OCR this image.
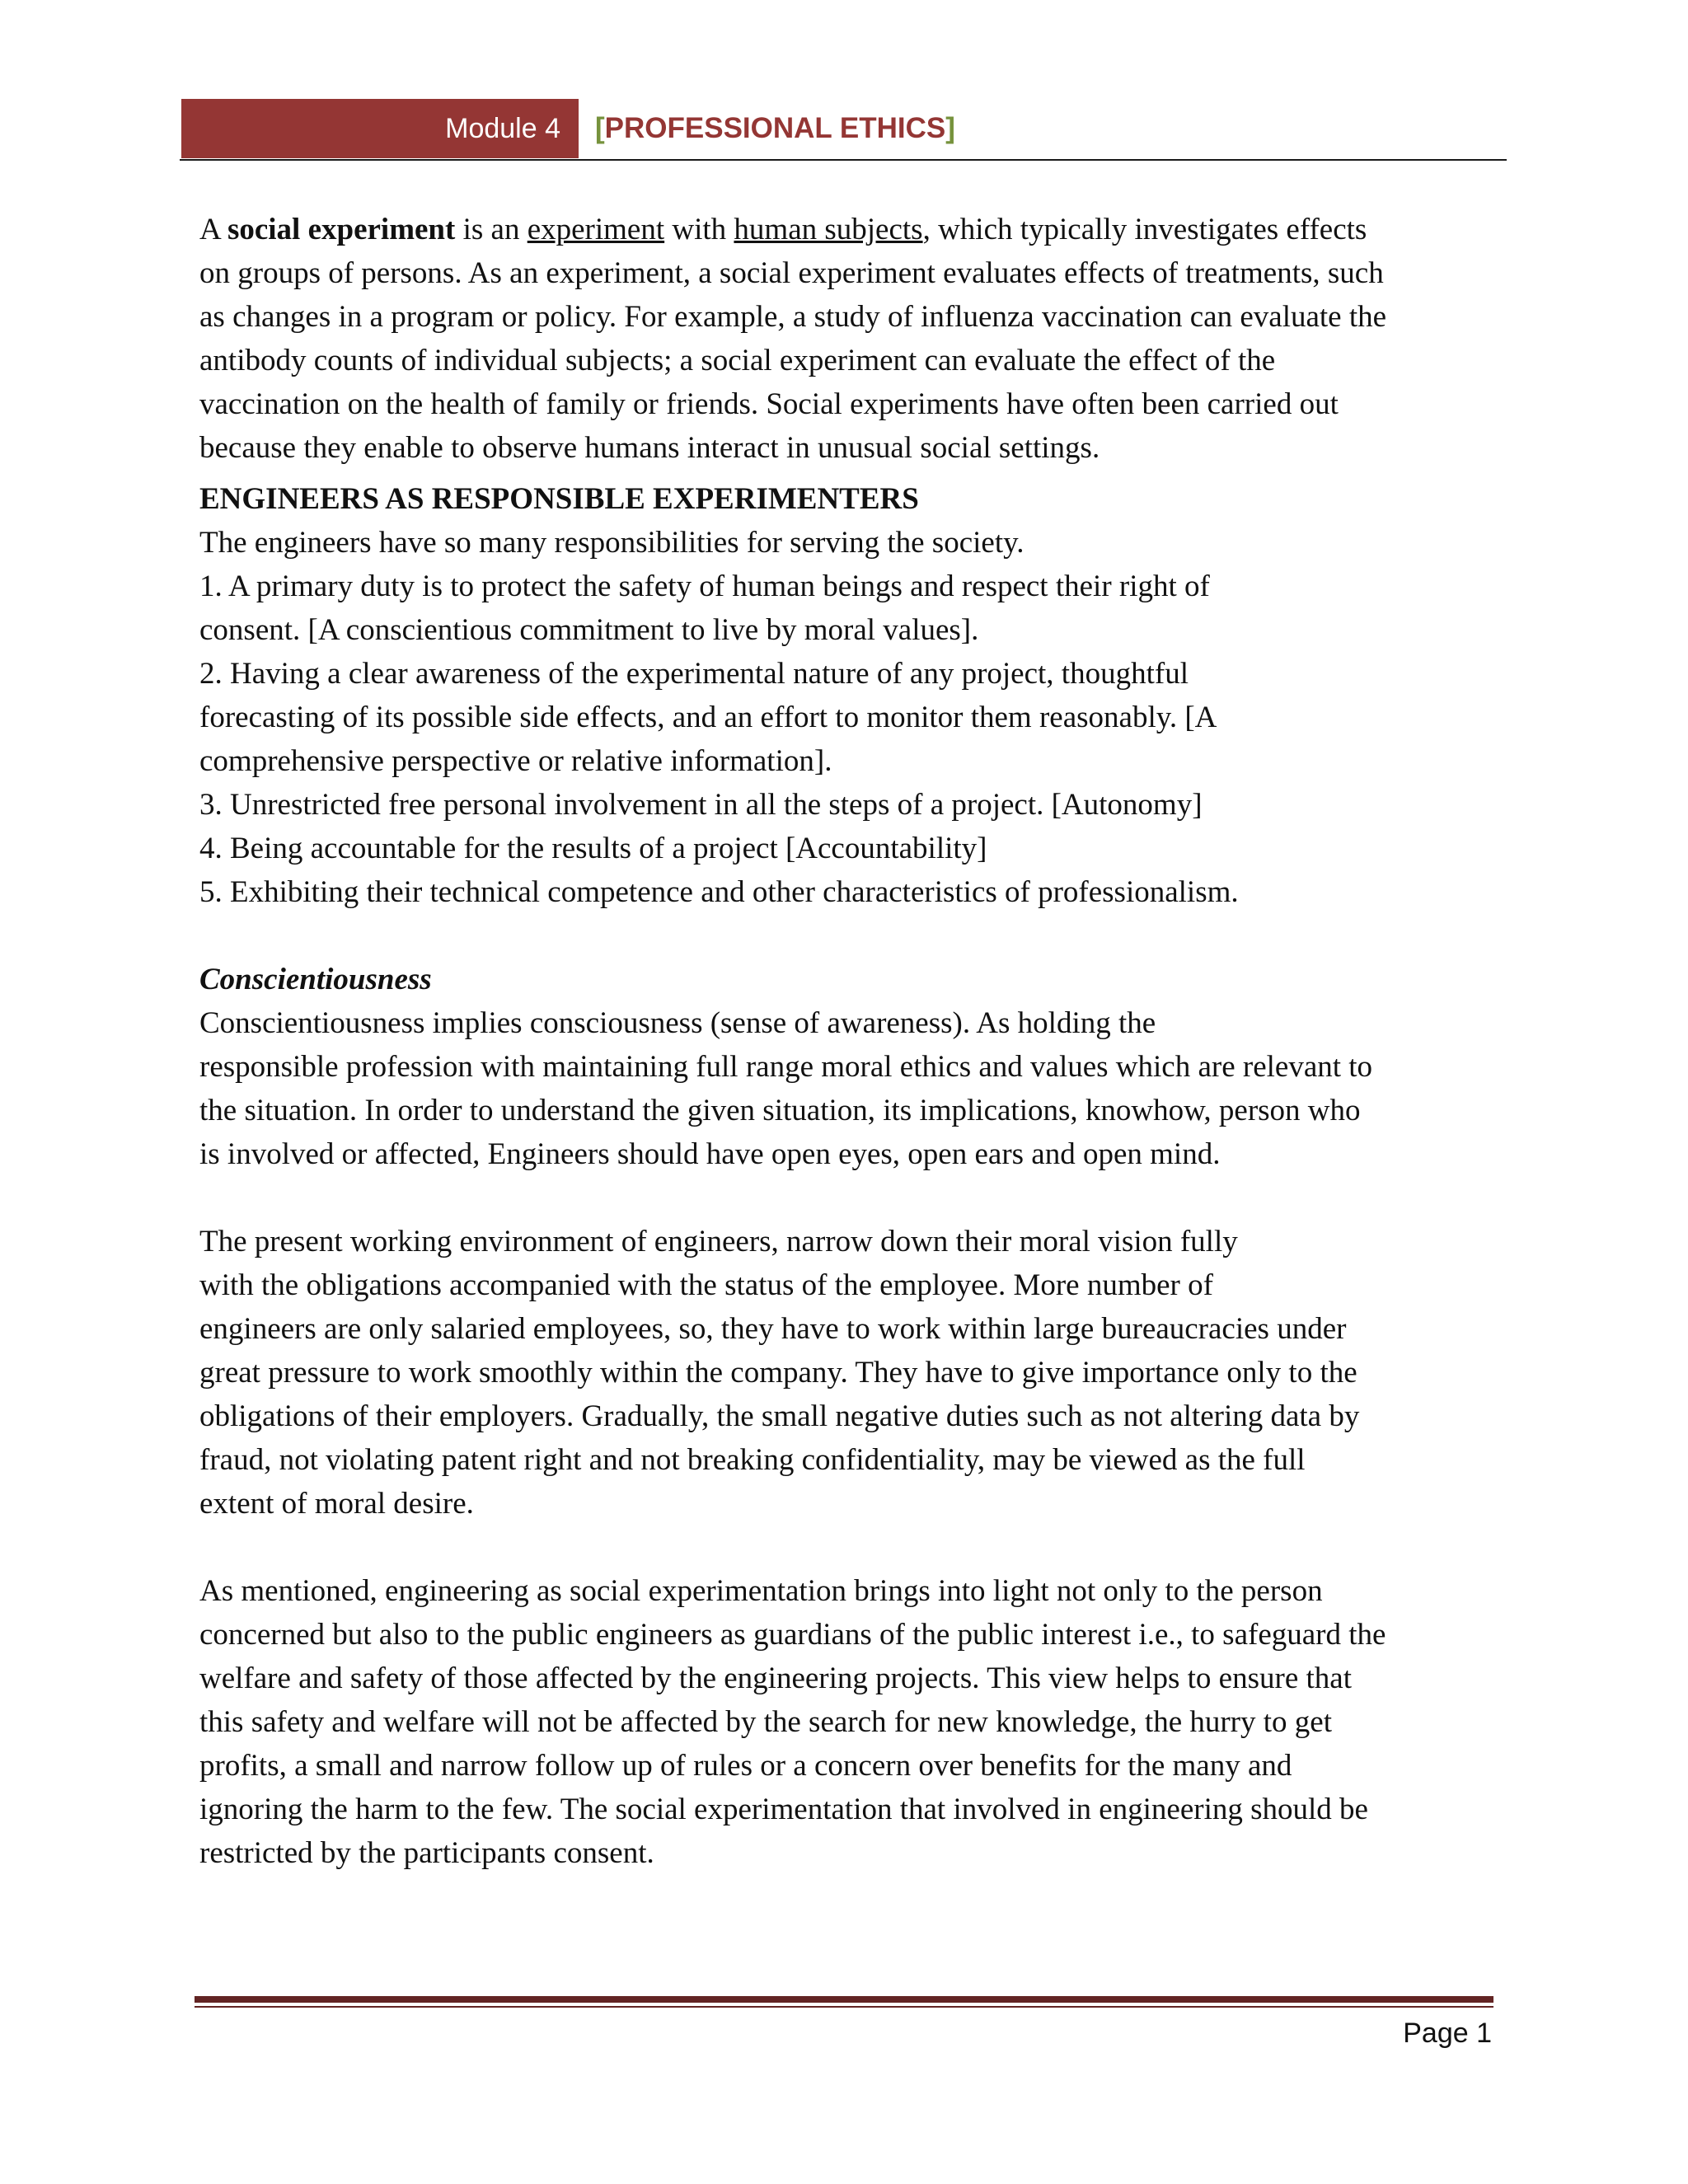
Module 4 [ PROFESSIONAL ETHICS ]
A social experiment is an experiment with human subjects, which typically investigates effects
on groups of persons. As an experiment, a social experiment evaluates effects of treatments, such
as changes in a program or policy. For example, a study of influenza vaccination can evaluate the
antibody counts of individual subjects; a social experiment can evaluate the effect of the
vaccination on the health of family or friends. Social experiments have often been carried out
because they enable to observe humans interact in unusual social settings.
ENGINEERS AS RESPONSIBLE EXPERIMENTERS
The engineers have so many responsibilities for serving the society.
1. A primary duty is to protect the safety of human beings and respect their right of
consent. [A conscientious commitment to live by moral values].
2. Having a clear awareness of the experimental nature of any project, thoughtful
forecasting of its possible side effects, and an effort to monitor them reasonably. [A
comprehensive perspective or relative information].
3. Unrestricted free personal involvement in all the steps of a project. [Autonomy]
4. Being accountable for the results of a project [Accountability]
5. Exhibiting their technical competence and other characteristics of professionalism.
Conscientiousness
Conscientiousness implies consciousness (sense of awareness). As holding the
responsible profession with maintaining full range moral ethics and values which are relevant to
the situation. In order to understand the given situation, its implications, knowhow, person who
is involved or affected, Engineers should have open eyes, open ears and open mind.
The present working environment of engineers, narrow down their moral vision fully
with the obligations accompanied with the status of the employee. More number of
engineers are only salaried employees, so, they have to work within large bureaucracies under
great pressure to work smoothly within the company. They have to give importance only to the
obligations of their employers. Gradually, the small negative duties such as not altering data by
fraud, not violating patent right and not breaking confidentiality, may be viewed as the full
extent of moral desire.
As mentioned, engineering as social experimentation brings into light not only to the person
concerned but also to the public engineers as guardians of the public interest i.e., to safeguard the
welfare and safety of those affected by the engineering projects. This view helps to ensure that
this safety and welfare will not be affected by the search for new knowledge, the hurry to get
profits, a small and narrow follow up of rules or a concern over benefits for the many and
ignoring the harm to the few. The social experimentation that involved in engineering should be
restricted by the participants consent.
Page 1
